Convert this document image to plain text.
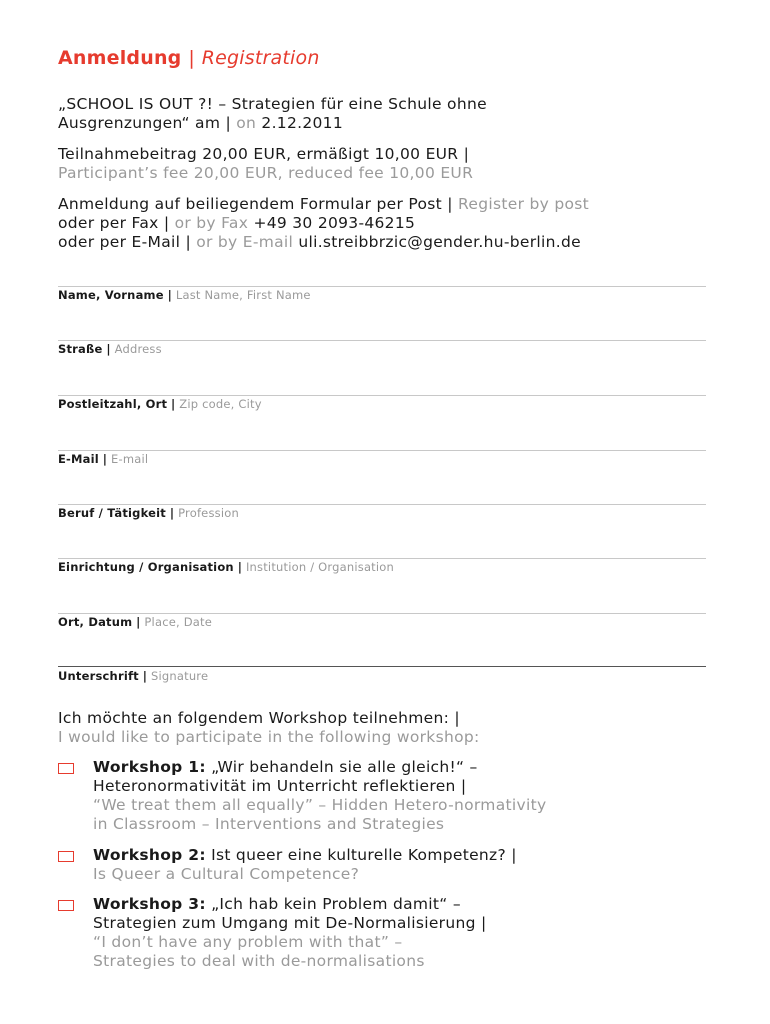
Anmeldung | Registration
„SCHOOL IS OUT ?! – Strategien für eine Schule ohne
Ausgrenzungen“ am | on 2.12.2011
Teilnahmebeitrag 20,00 EUR, ermäßigt 10,00 EUR |
Participant’s fee 20,00 EUR, reduced fee 10,00 EUR
Anmeldung auf beiliegendem Formular per Post | Register by post
oder per Fax | or by Fax +49 30 2093-46215
oder per E-Mail | or by E-mail uli.streibbrzic@gender.hu-berlin.de
Name, Vorname | Last Name, First Name
Straße | Address
Postleitzahl, Ort | Zip code, City
E-Mail | E-mail
Beruf / Tätigkeit | Profession
Einrichtung / Organisation | Institution / Organisation
Ort, Datum | Place, Date
Unterschrift | Signature
Ich möchte an folgendem Workshop teilnehmen: |
I would like to participate in the following workshop:
Workshop 1: „Wir behandeln sie alle gleich!“ –
Heteronormativität im Unterricht reflektieren |
“We treat them all equally” – Hidden Hetero-normativity
in Classroom – Interventions and Strategies
Workshop 2: Ist queer eine kulturelle Kompetenz? |
Is Queer a Cultural Competence?
Workshop 3: „Ich hab kein Problem damit“ –
Strategien zum Umgang mit De-Normalisierung |
“I don’t have any problem with that” –
Strategies to deal with de-normalisations
